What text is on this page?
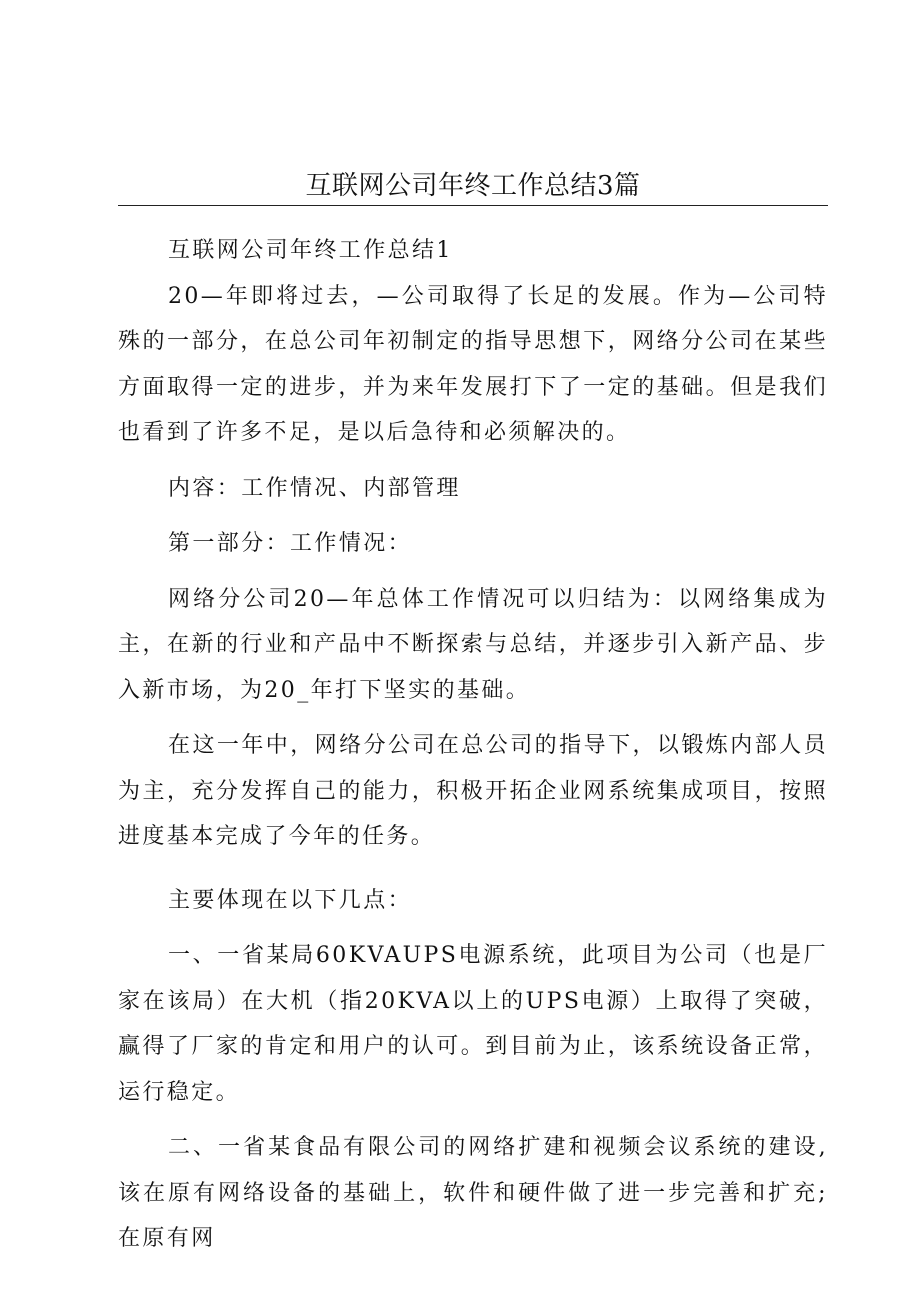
互联网公司年终工作总结3篇

互联网公司年终工作总结1

20—年即将过去，—公司取得了长足的发展。作为—公司特殊的一部分，在总公司年初制定的指导思想下，网络分公司在某些方面取得一定的进步，并为来年发展打下了一定的基础。但是我们也看到了许多不足，是以后急待和必须解决的。

内容：工作情况、内部管理

第一部分：工作情况：

网络分公司20—年总体工作情况可以归结为：以网络集成为主，在新的行业和产品中不断探索与总结，并逐步引入新产品、步入新市场，为20_年打下坚实的基础。

在这一年中，网络分公司在总公司的指导下，以锻炼内部人员为主，充分发挥自己的能力，积极开拓企业网系统集成项目，按照进度基本完成了今年的任务。

主要体现在以下几点：

一、一省某局60KVAUPS电源系统，此项目为公司（也是厂家在该局）在大机（指20KVA以上的UPS电源）上取得了突破，赢得了厂家的肯定和用户的认可。到目前为止，该系统设备正常，运行稳定。

二、一省某食品有限公司的网络扩建和视频会议系统的建设,该在原有网络设备的基础上，软件和硬件做了进一步完善和扩充;在原有网
